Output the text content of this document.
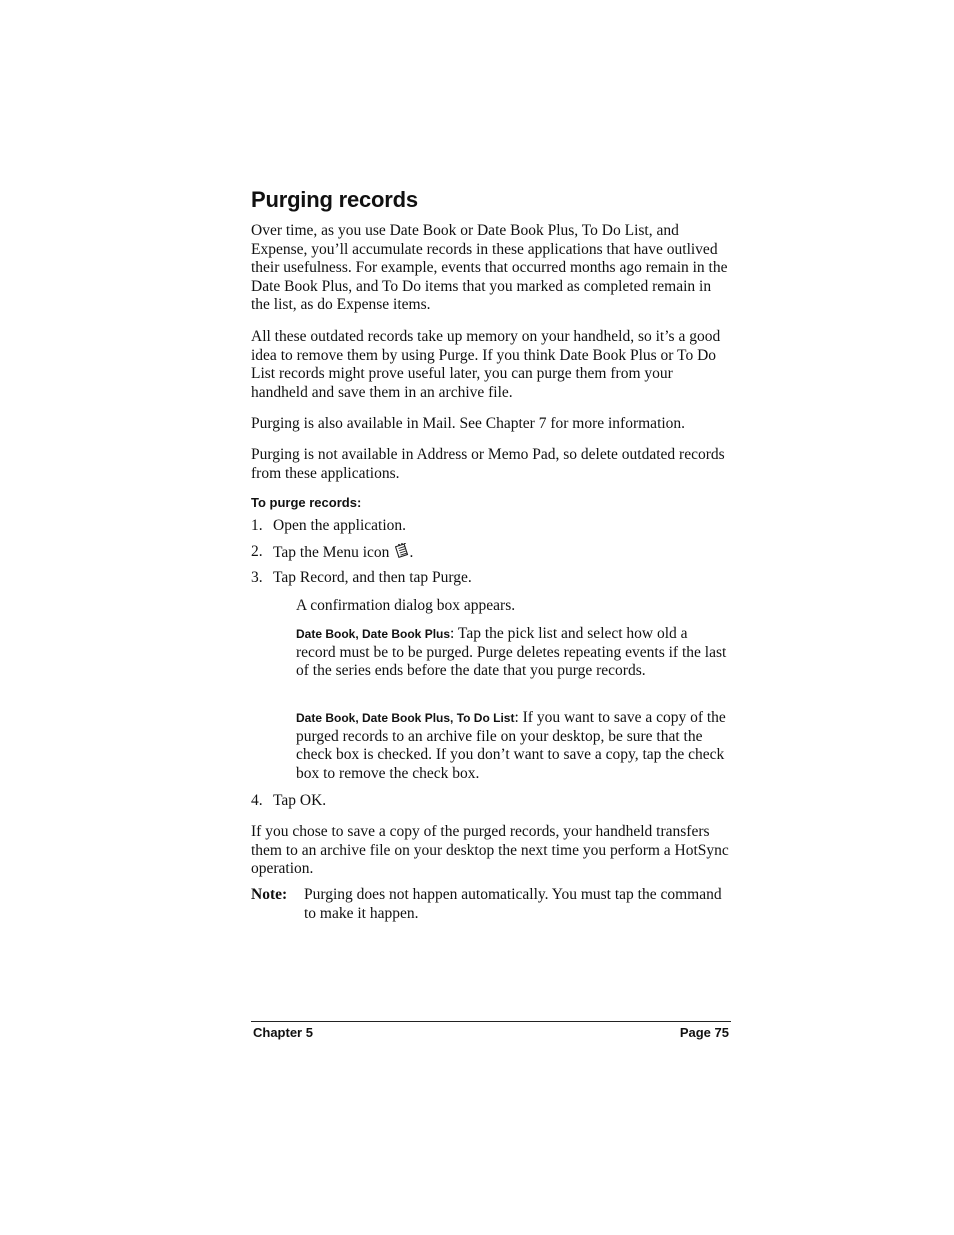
Purging records

Over time, as you use Date Book or Date Book Plus, To Do List, and Expense, you’ll accumulate records in these applications that have outlived their usefulness. For example, events that occurred months ago remain in the Date Book Plus, and To Do items that you marked as completed remain in the list, as do Expense items.

All these outdated records take up memory on your handheld, so it’s a good idea to remove them by using Purge. If you think Date Book Plus or To Do List records might prove useful later, you can purge them from your handheld and save them in an archive file.

Purging is also available in Mail. See Chapter 7 for more information.

Purging is not available in Address or Memo Pad, so delete outdated records from these applications.

To purge records:

1. Open the application.
2. Tap the Menu icon .
3. Tap Record, and then tap Purge.

A confirmation dialog box appears.

Date Book, Date Book Plus: Tap the pick list and select how old a record must be to be purged. Purge deletes repeating events if the last of the series ends before the date that you purge records.

Date Book, Date Book Plus, To Do List: If you want to save a copy of the purged records to an archive file on your desktop, be sure that the check box is checked. If you don’t want to save a copy, tap the check box to remove the check box.

4. Tap OK.

If you chose to save a copy of the purged records, your handheld transfers them to an archive file on your desktop the next time you perform a HotSync operation.

Note: Purging does not happen automatically. You must tap the command to make it happen.

Chapter 5	Page 75
